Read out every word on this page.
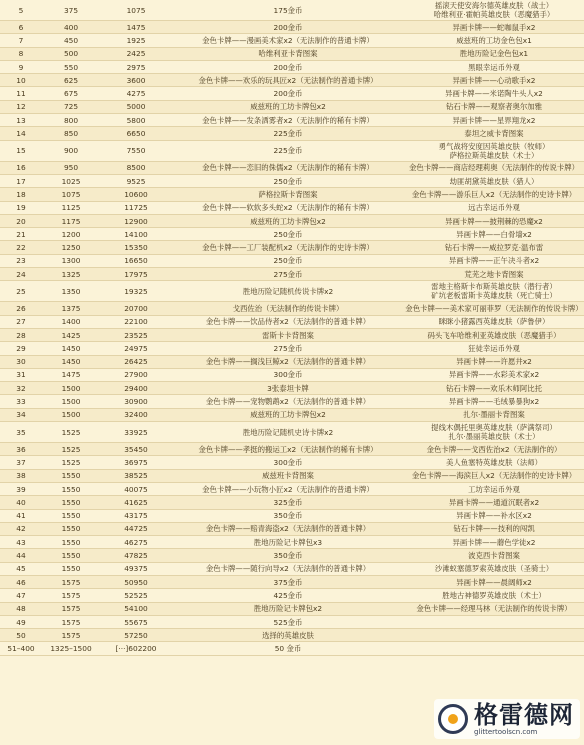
5	375	1075	175金币	摇滚天使安海尔德英雄皮肤（战士）
哈维利亚·霍帕英雄皮肤（恶魔猎手）
6	400	1475	200金币	异画卡牌——蛇咖鼠手x2
7	450	1925	金色卡牌——漫画美术家x2（无法制作的普通卡牌）	威兹班的工坊金色包x1
8	500	2425	哈维利亚卡背图案	胜地历险记金色包x1
9	550	2975	200金币	黑眼幸运币外观
10	625	3600	金色卡牌——欢乐的玩具匠x2（无法制作的普通卡牌）	异画卡牌——心动歌手x2
11	675	4275	200金币	异画卡牌——米诺陶牛头人x2
12	725	5000	威兹班的工坊卡牌包x2	钻石卡牌——观察者奥尔加雅
13	800	5800	金色卡牌——发条洒雾者x2（无法制作的稀有卡牌）	异画卡牌——星界翔龙x2
14	850	6650	225金币	泰坦之威卡背图案
15	900	7550	225金币	勇气战将安度因英雄皮肤（牧师）
萨格拉斯英雄皮肤（术士）
16	950	8500	金色卡牌——恋旧的侏儒x2（无法制作的稀有卡牌）	金色卡牌——商店经理莉奥（无法制作的传说卡牌）
17	1025	9525	250金币	劫匪胡黛英雄皮肤（猎人）
18	1075	10600	萨格拉斯卡背图案	金色卡牌——游乐巨人x2（无法制作的史诗卡牌）
19	1125	11725	金色卡牌——软软多头蛇x2（无法制作的稀有卡牌）	远古幸运币外观
20	1175	12900	威兹班的工坊卡牌包x2	异画卡牌——披荆棘的恐魔x2
21	1200	14100	250金币	异画卡牌——白骨墙x2
22	1250	15350	金色卡牌——工厂装配机x2（无法制作的史诗卡牌）	钻石卡牌——威拉罗克·温布雷
23	1300	16650	250金币	异画卡牌——正午决斗者x2
24	1325	17975	275金币	荒芜之地卡背图案
25	1350	19325	胜地历险记随机传说卡牌x2	雷地主格斯卡布斯英雄皮肤（潜行者）
矿坑老板雷斯卡英雄皮肤（死亡骑士）
26	1375	20700	戈西佐治（无法制作的传说卡牌）	金色卡牌——美术家可丽菲罗（无法制作的传说卡牌）
27	1400	22100	金色卡牌——饮品侍者x2（无法制作的普通卡牌）	眯眯小猪露西英雄皮肤（萨鲁伊）
28	1425	23525	雷斯卡卡背图案	码头飞车哈维利亚英雄皮肤（恶魔猎手）
29	1450	24975	275金币	狂徒幸运币外观
30	1450	26425	金色卡牌——搁浅巨鲸x2（无法制作的普通卡牌）	异画卡牌——许愿井x2
31	1475	27900	300金币	异画卡牌——水彩美术家x2
32	1500	29400	3张泰坦卡牌	钻石卡牌——欢乐木师阿比托
33	1500	30900	金色卡牌——宠物鹦鹉x2（无法制作的普通卡牌）	异画卡牌——毛绒暴暴狗x2
34	1500	32400	威兹班的工坊卡牌包x2	扎尔·墨丽卡背图案
35	1525	33925	胜地历险记随机史诗卡牌x2	提线木偶托里奥英雄皮肤（萨满祭司）
扎尔·墨丽英雄皮肤（术士）
36	1525	35450	金色卡牌——孝挺的搬运工x2（无法制作的稀有卡牌）	金色卡牌——戈西佐治x2（无法制作的）
37	1525	36975	300金币	美人鱼塞特英雄皮肤（法师）
38	1550	38525	威兹班卡背图案	金色卡牌——海滨巨人x2（无法制作的史诗卡牌）
39	1550	40075	金色卡牌——小玩物小匠x2（无法制作的普通卡牌）	工坊幸运币外观
40	1550	41625	325金币	异画卡牌——通道沉眠者x2
41	1550	43175	350金币	异画卡牌——补水区x2
42	1550	44725	金色卡牌——赔青海盗x2（无法制作的普通卡牌）	钻石卡牌——技利的闯凯
43	1550	46275	胜地历险记卡牌包x3	异画卡牌——蘑色学徒x2
44	1550	47825	350金币	波克西卡背图案
45	1550	49375	金色卡牌——随行向导x2（无法制作的普通卡牌）	沙滩蚁塞德罗索英雄皮肤（圣骑士）
46	1575	50950	375金币	异画卡牌——晨阔师x2
47	1575	52525	425金币	胜地古神德罗英雄皮肤（术士）
48	1575	54100	胜地历险记卡牌包x2	金色卡牌——经理马林（无法制作的传说卡牌）
49	1575	55675	525金币
50	1575	57250	选择的英雄皮肤
51–400	1325–1500	[···]602200	50 金币
格雷德网
glittertoolscn.com
